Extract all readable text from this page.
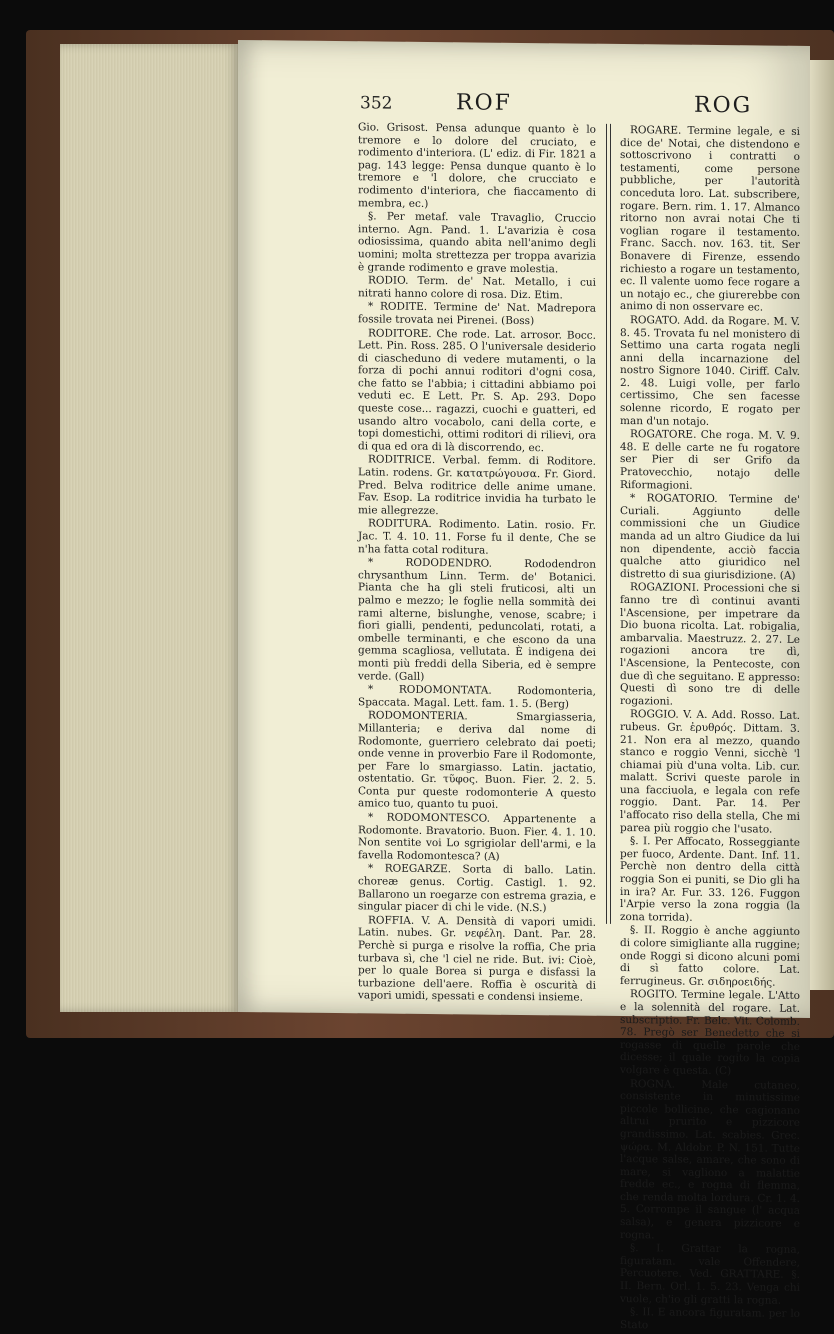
352	ROF	ROG

Gio. Grisost. Pensa adunque quanto è lo tremore e lo dolore del cruciato, e rodimento d'interiora. (L' ediz. di Fir. 1821 a pag. 143 legge: Pensa dunque quanto è lo tremore e 'l dolore, che crucciato e rodimento d'interiora, che fiaccamento di membra, ec.)

§. Per metaf. vale Travaglio, Cruccio interno. Agn. Pand. 1. L'avarizia è cosa odiosissima, quando abita nell'animo degli uomini; molta strettezza per troppa avarizia è grande rodimento e grave molestia.

RODIO. Term. de' Nat. Metallo, i cui nitrati hanno colore di rosa. Diz. Etim.

* RODITE. Termine de' Nat. Madrepora fossile trovata nei Pirenei. (Boss)

RODITORE. Che rode. Lat. arrosor. Bocc. Lett. Pin. Ross. 285. O l'universale desiderio di ciascheduno di vedere mutamenti, o la forza di pochi annui roditori d'ogni cosa, che fatto se l'abbia; i cittadini abbiamo poi veduti ec. E Lett. Pr. S. Ap. 293. Dopo queste cose... ragazzi, cuochi e guatteri, ed usando altro vocabolo, cani della corte, e topi domestichi, ottimi roditori di rilievi, ora di qua ed ora di là discorrendo, ec.

RODITRICE. Verbal. femm. di Roditore. Latin. rodens. Gr. κατατρώγουσα. Fr. Giord. Pred. Belva roditrice delle anime umane. Fav. Esop. La roditrice invidia ha turbato le mie allegrezze.

RODITURA. Rodimento. Latin. rosio. Fr. Jac. T. 4. 10. 11. Forse fu il dente, Che se n'ha fatta cotal roditura.

* RODODENDRO. Rododendron chrysanthum Linn. Term. de' Botanici. Pianta che ha gli steli fruticosi, alti un palmo e mezzo; le foglie nella sommità dei rami alterne, bislunghe, venose, scabre; i fiori gialli, pendenti, peduncolati, rotati, a ombelle terminanti, e che escono da una gemma scagliosa, vellutata. È indigena dei monti più freddi della Siberia, ed è sempre verde. (Gall)

* RODOMONTATA. Rodomonteria, Spaccata. Magal. Lett. fam. 1. 5. (Berg)

RODOMONTERIA. Smargiasseria, Millanteria; e deriva dal nome di Rodomonte, guerriero celebrato dai poeti; onde venne in proverbio Fare il Rodomonte, per Fare lo smargiasso. Latin. jactatio, ostentatio. Gr. τῦφος. Buon. Fier. 2. 2. 5. Conta pur queste rodomonterie A questo amico tuo, quanto tu puoi.

* RODOMONTESCO. Appartenente a Rodomonte. Bravatorio. Buon. Fier. 4. 1. 10. Non sentite voi Lo sgrigiolar dell'armi, e la favella Rodomontesca? (A)

* ROEGARZE. Sorta di ballo. Latin. choreæ genus. Cortig. Castigl. 1. 92. Ballarono un roegarze con estrema grazia, e singular piacer di chi le vide. (N.S.)

ROFFIA. V. A. Densità di vapori umidi. Latin. nubes. Gr. νεφέλη. Dant. Par. 28. Perchè si purga e risolve la roffia, Che pria turbava sì, che 'l ciel ne ride. But. ivi: Cioè, per lo quale Borea si purga e disfassi la turbazione dell'aere. Roffia è oscurità di vapori umidi, spessati e condensi insieme.

ROGARE. Termine legale, e si dice de' Notai, che distendono e sottoscrivono i contratti o testamenti, come persone pubbliche, per l'autorità conceduta loro. Lat. subscribere, rogare. Bern. rim. 1. 17. Almanco ritorno non avrai notai Che ti voglian rogare il testamento. Franc. Sacch. nov. 163. tit. Ser Bonavere di Firenze, essendo richiesto a rogare un testamento, ec. Il valente uomo fece rogare a un notajo ec., che giurerebbe con animo di non osservare ec.

ROGATO. Add. da Rogare. M. V. 8. 45. Trovata fu nel monistero di Settimo una carta rogata negli anni della incarnazione del nostro Signore 1040. Ciriff. Calv. 2. 48. Luigi volle, per farlo certissimo, Che sen facesse solenne ricordo, E rogato per man d'un notajo.

ROGATORE. Che roga. M. V. 9. 48. E delle carte ne fu rogatore ser Pier di ser Grifo da Pratovecchio, notajo delle Riformagioni.

* ROGATORIO. Termine de' Curiali. Aggiunto delle commissioni che un Giudice manda ad un altro Giudice da lui non dipendente, acciò faccia qualche atto giuridico nel distretto di sua giurisdizione. (A)

ROGAZIONI. Processioni che si fanno tre dì continui avanti l'Ascensione, per impetrare da Dio buona ricolta. Lat. robigalia, ambarvalia. Maestruzz. 2. 27. Le rogazioni ancora tre dì, l'Ascensione, la Pentecoste, con due dì che seguitano. E appresso: Questi dì sono tre di delle rogazioni.

ROGGIO. V. A. Add. Rosso. Lat. rubeus. Gr. ἐρυθρός. Dittam. 3. 21. Non era al mezzo, quando stanco e roggio Venni, sicchè 'l chiamai più d'una volta. Lib. cur. malatt. Scrivi queste parole in una facciuola, e legala con refe roggio. Dant. Par. 14. Per l'affocato riso della stella, Che mi parea più roggio che l'usato.

§. I. Per Affocato, Rosseggiante per fuoco, Ardente. Dant. Inf. 11. Perchè non dentro della città roggia Son ei puniti, se Dio gli ha in ira? Ar. Fur. 33. 126. Fuggon l'Arpie verso la zona roggia (la zona torrida).

§. II. Roggio è anche aggiunto di colore simigliante alla ruggine; onde Roggi si dicono alcuni pomi di sì fatto colore. Lat. ferrugineus. Gr. σιδηροειδής.

ROGITO. Termine legale. L'Atto e la solennità del rogare. Lat. subscriptio. Fr. Belc. Vit. Colomb. 78. Pregò ser Benedetto che si rogasse di quelle parole che dicesse; il quale rogito la copia volgare è questa. (C)

ROGNA. Male cutaneo, consistente in minutissime piccole bollicine, che cagionano altrui prurito e pizzicore grandissimo. Lat. scabies. Grec. ψώρα. M. Aldobr. P. N. 151. Tutte l'acque salse, amare, che sono di mare, si vagliono a malattie fredde ec., e rogna di flemma, che renda molta lordura. Cr. 1. 4. 5. Corrompe il sangue (l' acqua salsa), e genera pizzicore e rogna.

§. I. Grattar la rogna, figuratam. vale Offendere, Percuotere. Ved. GRATTARE. §. II. Bern. Orl. 1. 5. 23. Venga chi vuole, ch'io gli gratti la rogna.

§. II. E ancora figuratam. per lo Stato
